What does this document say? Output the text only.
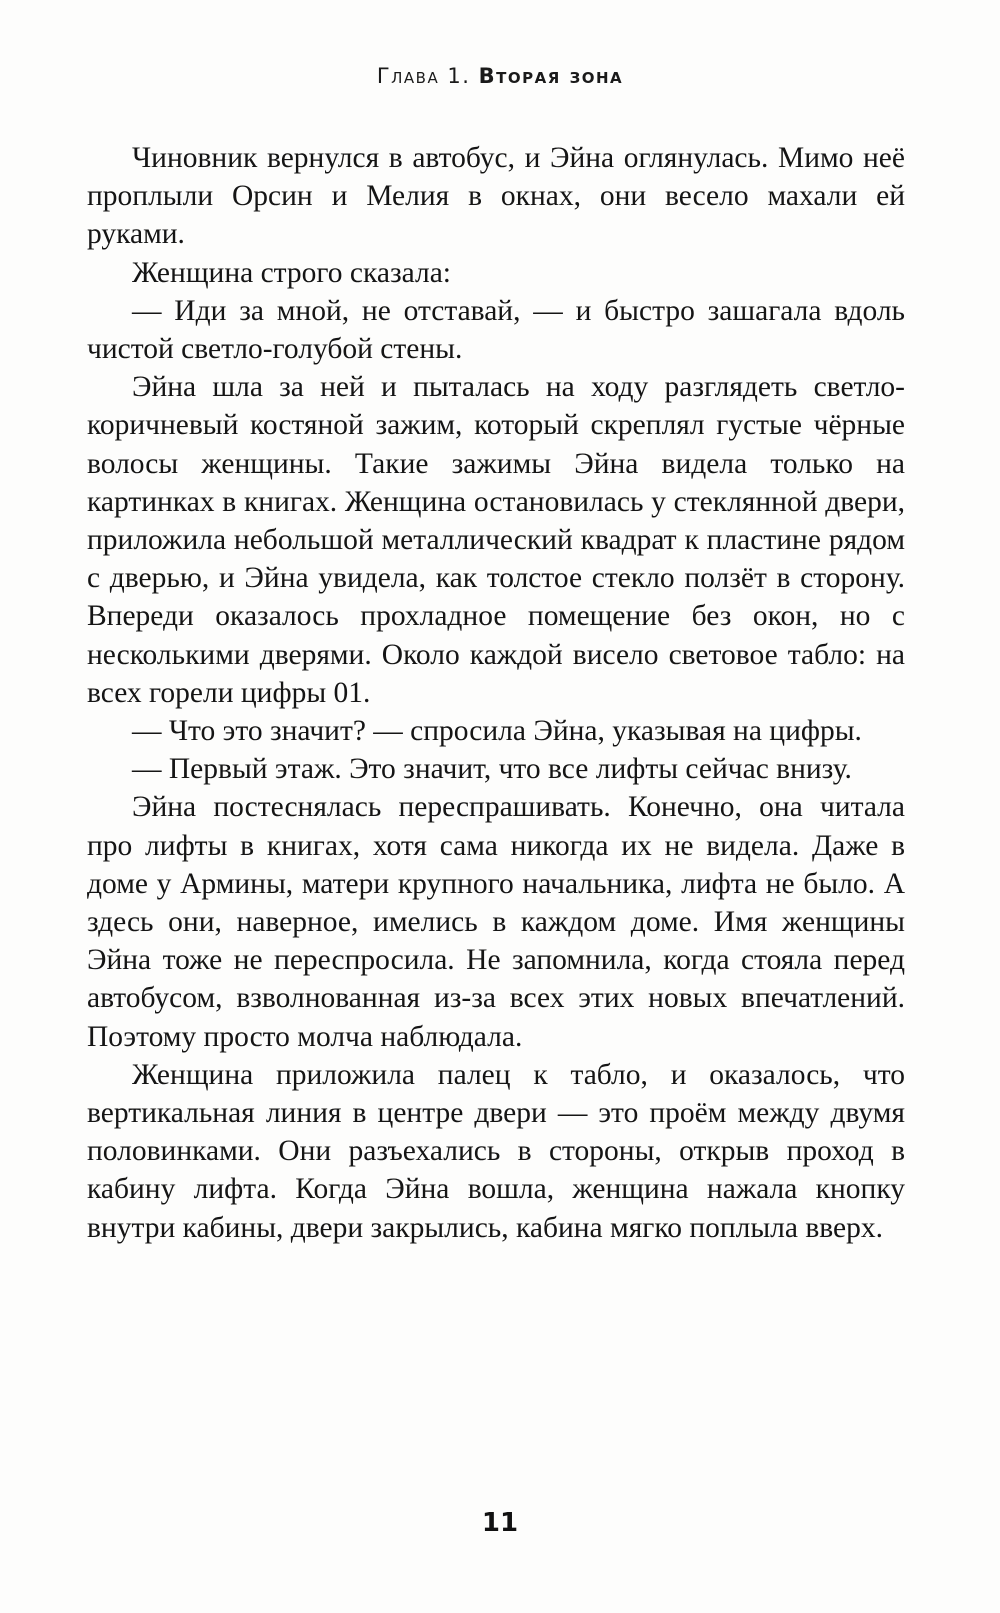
Глава 1. Вторая зона

Чиновник вернулся в автобус, и Эйна оглянулась. Мимо неё проплыли Орсин и Мелия в окнах, они весело махали ей руками.

Женщина строго сказала:

— Иди за мной, не отставай, — и быстро зашагала вдоль чистой светло-голубой стены.

Эйна шла за ней и пыталась на ходу разглядеть светло-коричневый костяной зажим, который скреплял густые чёрные волосы женщины. Такие зажимы Эйна видела только на картинках в книгах. Женщина остановилась у стеклянной двери, приложила небольшой металлический квадрат к пластине рядом с дверью, и Эйна увидела, как толстое стекло ползёт в сторону. Впереди оказалось прохладное помещение без окон, но с несколькими дверями. Около каждой висело световое табло: на всех горели цифры 01.

— Что это значит? — спросила Эйна, указывая на цифры.

— Первый этаж. Это значит, что все лифты сейчас внизу.

Эйна постеснялась переспрашивать. Конечно, она читала про лифты в книгах, хотя сама никогда их не видела. Даже в доме у Армины, матери крупного начальника, лифта не было. А здесь они, наверное, имелись в каждом доме. Имя женщины Эйна тоже не переспросила. Не запомнила, когда стояла перед автобусом, взволнованная из-за всех этих новых впечатлений. Поэтому просто молча наблюдала.

Женщина приложила палец к табло, и оказалось, что вертикальная линия в центре двери — это проём между двумя половинками. Они разъехались в стороны, открыв проход в кабину лифта. Когда Эйна вошла, женщина нажала кнопку внутри кабины, двери закрылись, кабина мягко поплыла вверх.

11
